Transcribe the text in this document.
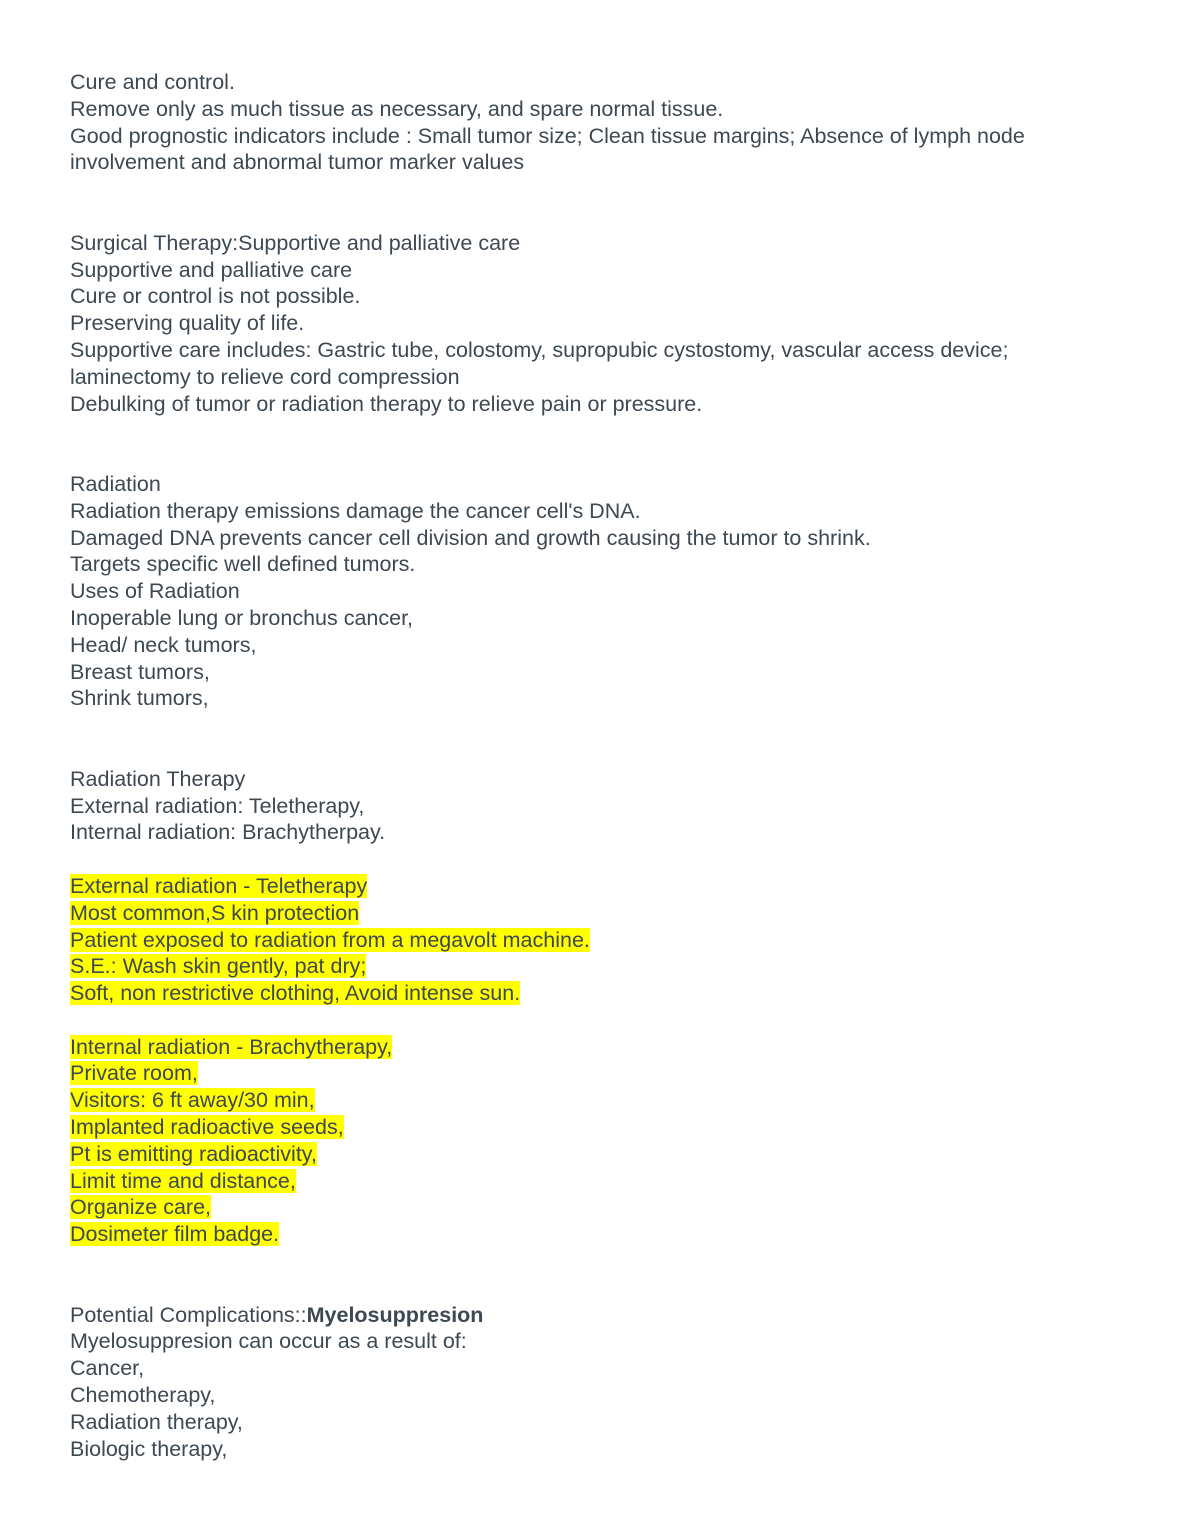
Cure and control.
Remove only as much tissue as necessary, and spare normal tissue.
Good prognostic indicators include : Small tumor size; Clean tissue margins; Absence of lymph node involvement and abnormal tumor marker values
Surgical Therapy:Supportive and palliative care
Supportive and palliative care
Cure or control is not possible.
Preserving quality of life.
Supportive care includes: Gastric tube, colostomy, supropubic cystostomy, vascular access device; laminectomy to relieve cord compression
Debulking of tumor or radiation therapy to relieve pain or pressure.
Radiation
Radiation therapy emissions damage the cancer cell's DNA.
Damaged DNA prevents cancer cell division and growth causing the tumor to shrink.
Targets specific well defined tumors.
Uses of Radiation
Inoperable lung or bronchus cancer,
Head/ neck tumors,
Breast tumors,
Shrink tumors,
Radiation Therapy
External radiation: Teletherapy,
Internal radiation: Brachytherpay.
External radiation - Teletherapy
Most common,S kin protection
Patient exposed to radiation from a megavolt machine.
S.E.: Wash skin gently, pat dry;
Soft, non restrictive clothing, Avoid intense sun.
Internal radiation - Brachytherapy,
Private room,
Visitors: 6 ft away/30 min,
Implanted radioactive seeds,
Pt is emitting radioactivity,
Limit time and distance,
Organize care,
Dosimeter film badge.
Potential Complications::Myelosuppresion
Myelosuppresion can occur as a result of:
Cancer,
Chemotherapy,
Radiation therapy,
Biologic therapy,
